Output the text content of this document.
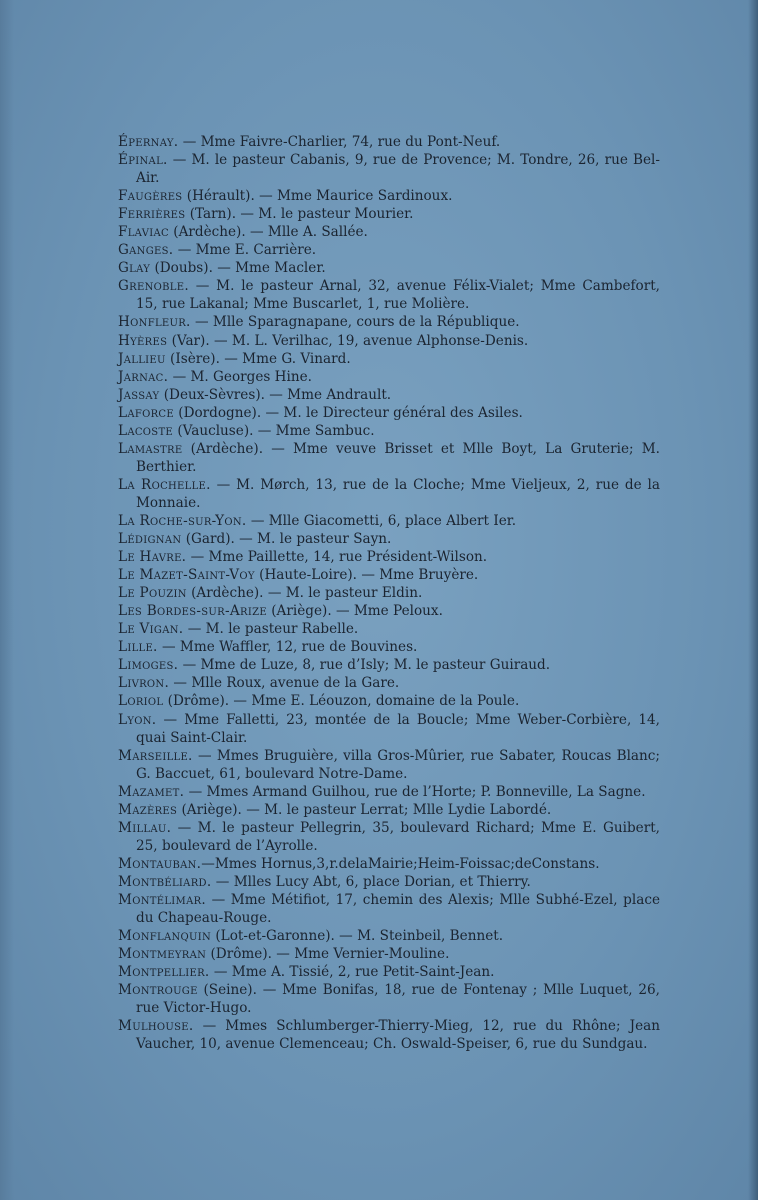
Épernay. — Mme Faivre-Charlier, 74, rue du Pont-Neuf.
Épinal. — M. le pasteur Cabanis, 9, rue de Provence; M. Tondre, 26, rue Bel-Air.
Faugères (Hérault). — Mme Maurice Sardinoux.
Ferrières (Tarn). — M. le pasteur Mourier.
Flaviac (Ardèche). — Mlle A. Sallée.
Ganges. — Mme E. Carrière.
Glay (Doubs). — Mme Macler.
Grenoble. — M. le pasteur Arnal, 32, avenue Félix-Vialet; Mme Cambefort, 15, rue Lakanal; Mme Buscarlet, 1, rue Molière.
Honfleur. — Mlle Sparagnapane, cours de la République.
Hyères (Var). — M. L. Verilhac, 19, avenue Alphonse-Denis.
Jallieu (Isère). — Mme G. Vinard.
Jarnac. — M. Georges Hine.
Jassay (Deux-Sèvres). — Mme Andrault.
Laforce (Dordogne). — M. le Directeur général des Asiles.
Lacoste (Vaucluse). — Mme Sambuc.
Lamastre (Ardèche). — Mme veuve Brisset et Mlle Boyt, La Gruterie; M. Berthier.
La Rochelle. — M. Mørch, 13, rue de la Cloche; Mme Vieljeux, 2, rue de la Monnaie.
La Roche-sur-Yon. — Mlle Giacometti, 6, place Albert Ier.
Lédignan (Gard). — M. le pasteur Sayn.
Le Havre. — Mme Paillette, 14, rue Président-Wilson.
Le Mazet-Saint-Voy (Haute-Loire). — Mme Bruyère.
Le Pouzin (Ardèche). — M. le pasteur Eldin.
Les Bordes-sur-Arize (Ariège). — Mme Peloux.
Le Vigan. — M. le pasteur Rabelle.
Lille. — Mme Waffler, 12, rue de Bouvines.
Limoges. — Mme de Luze, 8, rue d’Isly; M. le pasteur Guiraud.
Livron. — Mlle Roux, avenue de la Gare.
Loriol (Drôme). — Mme E. Léouzon, domaine de la Poule.
Lyon. — Mme Falletti, 23, montée de la Boucle; Mme Weber-Corbière, 14, quai Saint-Clair.
Marseille. — Mmes Bruguière, villa Gros-Mûrier, rue Sabater, Roucas Blanc; G. Baccuet, 61, boulevard Notre-Dame.
Mazamet. — Mmes Armand Guilhou, rue de l’Horte; P. Bonneville, La Sagne.
Mazères (Ariège). — M. le pasteur Lerrat; Mlle Lydie Labordé.
Millau. — M. le pasteur Pellegrin, 35, boulevard Richard; Mme E. Guibert, 25, boulevard de l’Ayrolle.
Montauban.—Mmes Hornus,3,r.delaMairie;Heim-Foissac;deConstans.
Montbéliard. — Mlles Lucy Abt, 6, place Dorian, et Thierry.
Montélimar. — Mme Métifiot, 17, chemin des Alexis; Mlle Subhé-Ezel, place du Chapeau-Rouge.
Monflanquin (Lot-et-Garonne). — M. Steinbeil, Bennet.
Montmeyran (Drôme). — Mme Vernier-Mouline.
Montpellier. — Mme A. Tissié, 2, rue Petit-Saint-Jean.
Montrouge (Seine). — Mme Bonifas, 18, rue de Fontenay ; Mlle Luquet, 26, rue Victor-Hugo.
Mulhouse. — Mmes Schlumberger-Thierry-Mieg, 12, rue du Rhône; Jean Vaucher, 10, avenue Clemenceau; Ch. Oswald-Speiser, 6, rue du Sundgau.
